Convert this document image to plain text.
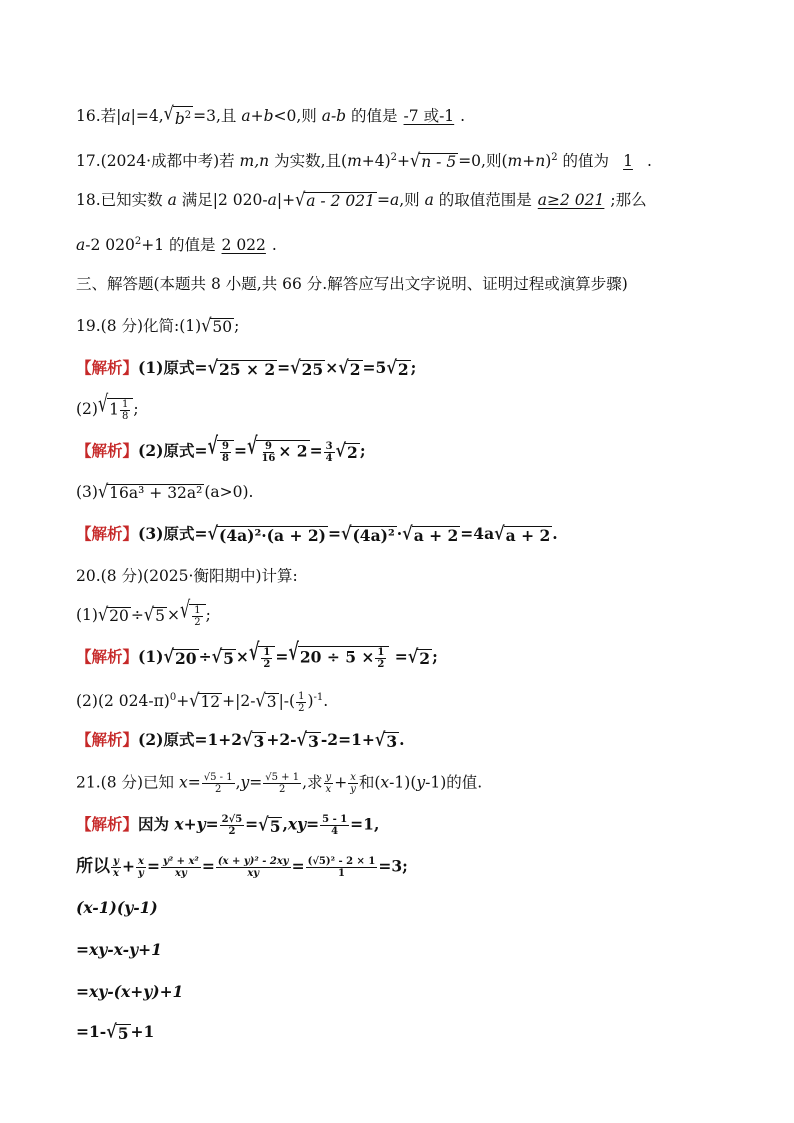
16.若|a|=4, √ $b^2 =3$,且 a+b<0,则 a-b 的值是 -7 或-1 .
17.(2024·成都中考)若 m,n 为实数,且$(m+4)^2+$ √ n - 5 =0,则$(m+n)^2$ 的值为 1 .
18.已知实数 a 满足|2 020-a|+ √ a - 2 021 =a,则 a 的取值范围是 a≥2 021 ;那么
a-2 $020^2+1$ 的值是 2 022 .
三、解答题(本题共 8 小题,共 66 分.解答应写出文字说明、证明过程或演算步骤)
19.(8 分)化简:(1) √ 50 ;
【解析】(1)原式= √ 25 × 2 = √ 25 × √ 2 =5 √ 2 ;
(2) √ $1 \frac{1}{8}$ ;
【解析】(2)原式= √ $\frac{9}{8}$ = √ $\frac{9}{16} \times 2 = \frac{3}{4}$ √ 2 ;
(3) √ 16a³ + 32a² (a>0).
【解析】(3)原式= √ (4a)²·(a + 2) = √ (4a)² · √ a + 2 =4a √ a + 2 .
20.(8 分)(2025·衡阳期中)计算:
(1) √ 20 ÷ √ 5 × √ $\frac{1}{2}$ ;
【解析】(1) √ 20 ÷ √ 5 × √ $\frac{1}{2}$ = √ $20 \div 5 \times \frac{1}{2}$ = √ 2 ;
(2)(2 024-π)$^0$+ √ 12 +|2- √ 3 |-( $\frac{1}{2} )^{-1}$.
【解析】(2)原式=1+2 √ 3 +2- √ 3 -2=1+ √ 3 .
21.(8 分)已知 $x= \frac{√5 - 1}{2} ,y= \frac{√5 + 1}{2}$ ,求 $\frac{y}{x} + \frac{x}{y}$ 和(x-1)(y-1)的值.
【解析】因为 $x+y= \frac{2√5}{2}$ = √ 5 $,xy= \frac{5 - 1}{4} =1$,
所以 $\frac{y}{x} + \frac{x}{y} = \frac{\text{y² + x²}}{xy} = \frac{\text{(x + y)² - 2xy}}{xy} = \frac{\text{(√5)² - 2 × 1}}{1} =3$;
(x-1)(y-1)
=xy-x-y+1
=xy-(x+y)+1
=1- √ 5 +1
